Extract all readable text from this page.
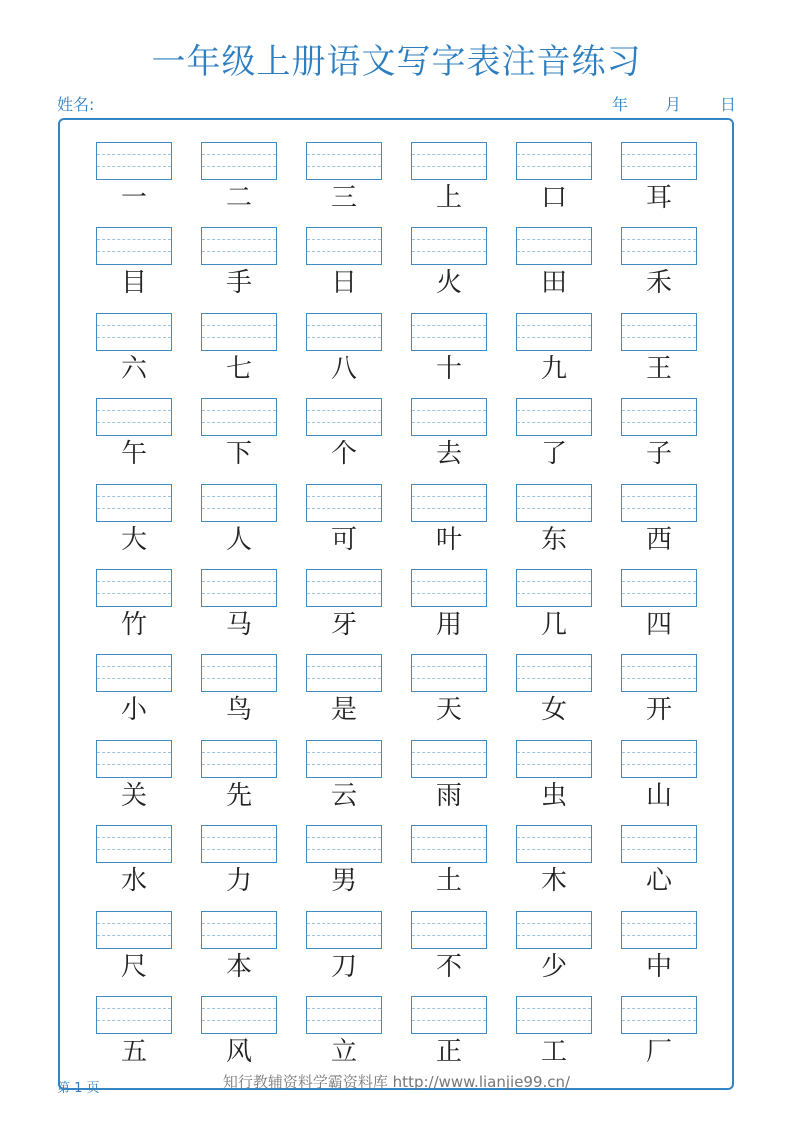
一年级上册语文写字表注音练习
姓名:	年 月 日
一	二	三	上	口	耳
目	手	日	火	田	禾
六	七	八	十	九	王
午	下	个	去	了	子
大	人	可	叶	东	西
竹	马	牙	用	几	四
小	鸟	是	天	女	开
关	先	云	雨	虫	山
水	力	男	土	木	心
尺	本	刀	不	少	中
五	风	立	正	工	厂
第 1 页	知行教辅资料学霸资料库 http://www.lianjie99.cn/
